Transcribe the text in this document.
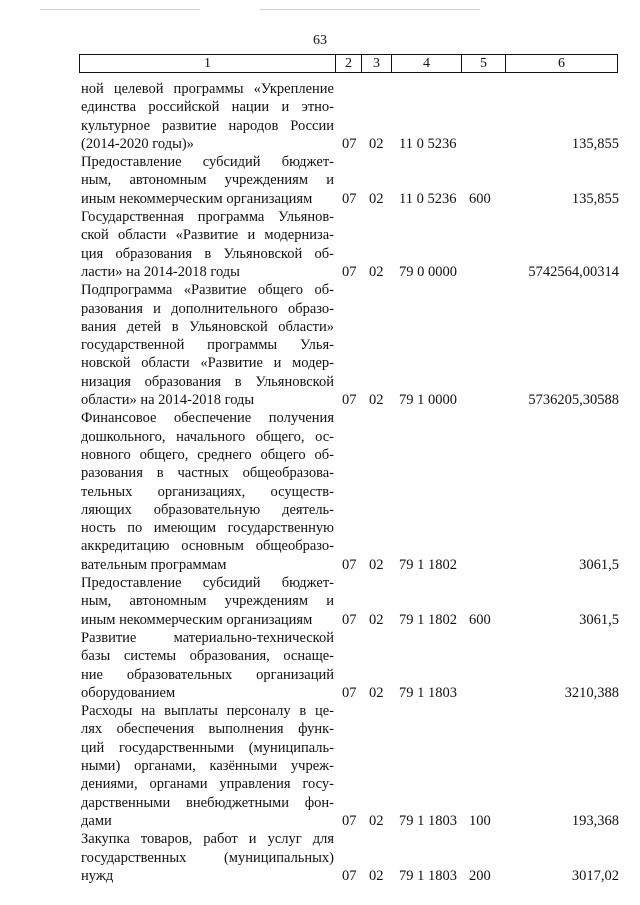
63
1	2	3	4	5	6
ной целевой программы «Укрепление
единства российской нации и этно-
культурное развитие народов России
(2014-2020 годы)»	07 02 11 0 5236	135,855
Предоставление субсидий бюджет-
ным, автономным учреждениям и
иным некоммерческим организациям	07 02 11 0 5236 600	135,855
Государственная программа Ульянов-
ской области «Развитие и модерниза-
ция образования в Ульяновской об-
ласти» на 2014-2018 годы	07 02 79 0 0000	5742564,00314
Подпрограмма «Развитие общего об-
разования и дополнительного образо-
вания детей в Ульяновской области»
государственной программы Улья-
новской области «Развитие и модер-
низация образования в Ульяновской
области» на 2014-2018 годы	07 02 79 1 0000	5736205,30588
Финансовое обеспечение получения
дошкольного, начального общего, ос-
новного общего, среднего общего об-
разования в частных общеобразова-
тельных организациях, осуществ-
ляющих образовательную деятель-
ность по имеющим государственную
аккредитацию основным общеобразо-
вательным программам	07 02 79 1 1802	3061,5
Предоставление субсидий бюджет-
ным, автономным учреждениям и
иным некоммерческим организациям	07 02 79 1 1802 600	3061,5
Развитие материально-технической
базы системы образования, оснаще-
ние образовательных организаций
оборудованием	07 02 79 1 1803	3210,388
Расходы на выплаты персоналу в це-
лях обеспечения выполнения функ-
ций государственными (муниципаль-
ными) органами, казёнными учреж-
дениями, органами управления госу-
дарственными внебюджетными фон-
дами	07 02 79 1 1803 100	193,368
Закупка товаров, работ и услуг для
государственных (муниципальных)
нужд	07 02 79 1 1803 200	3017,02
